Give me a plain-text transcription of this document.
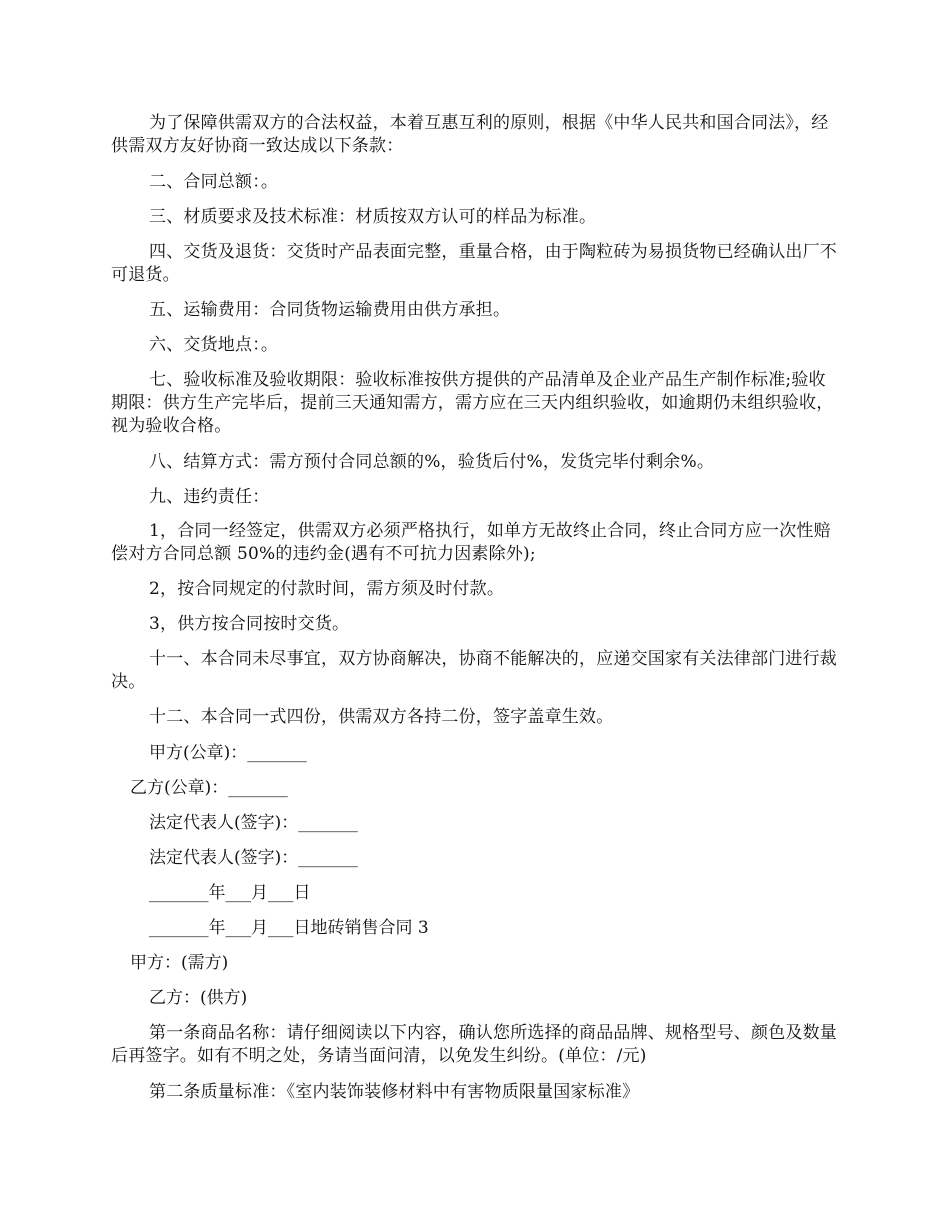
为了保障供需双方的合法权益，本着互惠互利的原则，根据《中华人民共和国合同法》，经供需双方友好协商一致达成以下条款：
二、合同总额：。
三、材质要求及技术标准：材质按双方认可的样品为标准。
四、交货及退货：交货时产品表面完整，重量合格，由于陶粒砖为易损货物已经确认出厂不可退货。
五、运输费用：合同货物运输费用由供方承担。
六、交货地点：。
七、验收标准及验收期限：验收标准按供方提供的产品清单及企业产品生产制作标准;验收期限：供方生产完毕后，提前三天通知需方，需方应在三天内组织验收，如逾期仍未组织验收，视为验收合格。
八、结算方式：需方预付合同总额的%，验货后付%，发货完毕付剩余%。
九、违约责任：
1，合同一经签定，供需双方必须严格执行，如单方无故终止合同，终止合同方应一次性赔偿对方合同总额 50%的违约金(遇有不可抗力因素除外);
2，按合同规定的付款时间，需方须及时付款。
3，供方按合同按时交货。
十一、本合同未尽事宜，双方协商解决，协商不能解决的，应递交国家有关法律部门进行裁决。
十二、本合同一式四份，供需双方各持二份，签字盖章生效。
甲方(公章)：_______
乙方(公章)：_______
法定代表人(签字)：_______
法定代表人(签字)：_______
_______年___月___日
_______年___月___日地砖销售合同 3
甲方：(需方)
乙方：(供方)
第一条商品名称：请仔细阅读以下内容，确认您所选择的商品品牌、规格型号、颜色及数量后再签字。如有不明之处，务请当面问清，以免发生纠纷。(单位：/元)
第二条质量标准：《室内装饰装修材料中有害物质限量国家标准》
